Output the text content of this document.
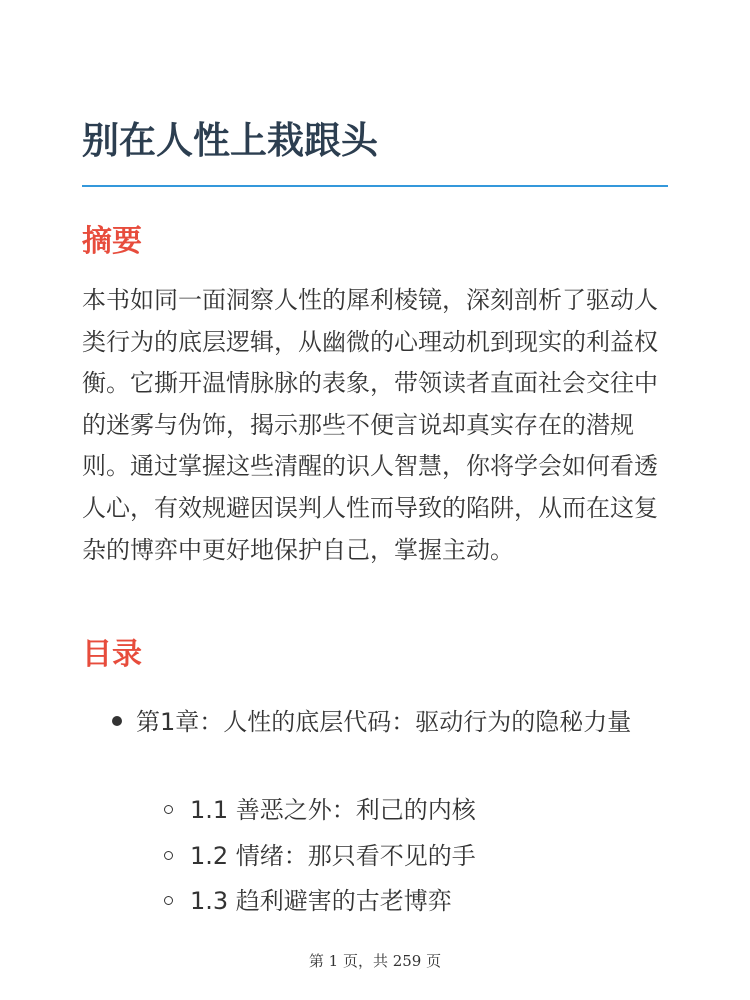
别在人性上栽跟头
摘要

本书如同一面洞察人性的犀利棱镜，深刻剖析了驱动人类行为的底层逻辑，从幽微的心理动机到现实的利益权衡。它撕开温情脉脉的表象，带领读者直面社会交往中的迷雾与伪饰，揭示那些不便言说却真实存在的潜规则。通过掌握这些清醒的识人智慧，你将学会如何看透人心，有效规避因误判人性而导致的陷阱，从而在这复杂的博弈中更好地保护自己，掌握主动。

目录
第1章：人性的底层代码：驱动行为的隐秘力量
1.1 善恶之外：利己的内核
1.2 情绪：那只看不见的手
1.3 趋利避害的古老博弈
第 1 页，共 259 页
